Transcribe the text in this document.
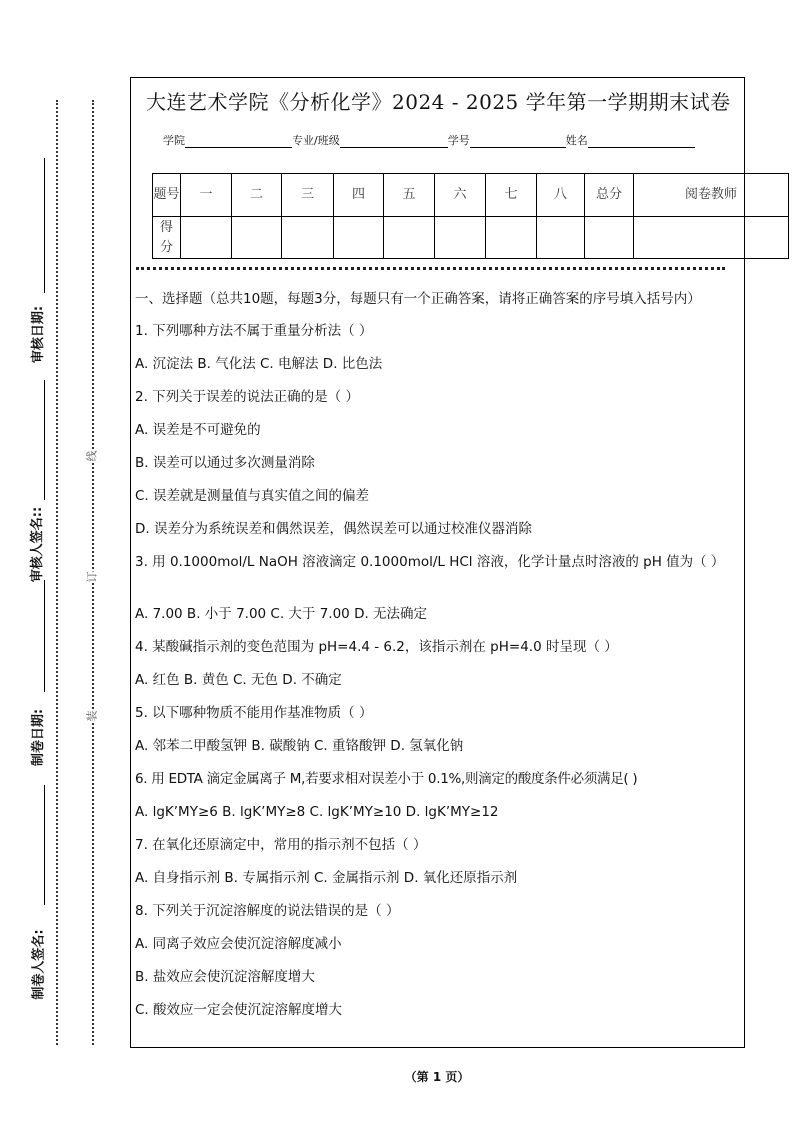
制卷人签名:
制卷日期:
审核人签名::
审核日期:
装
订
线
大连艺术学院《分析化学》2024 - 2025 学年第一学期期末试卷
学院	专业/班级	学号	姓名
题号	一	二	三	四	五	六	七	八	总分	阅卷教师
得分										
一、选择题（总共10题，每题3分，每题只有一个正确答案，请将正确答案的序号填入括号内）
1. 下列哪种方法不属于重量分析法（ ）
A. 沉淀法 B. 气化法 C. 电解法 D. 比色法
2. 下列关于误差的说法正确的是（ ）
A. 误差是不可避免的
B. 误差可以通过多次测量消除
C. 误差就是测量值与真实值之间的偏差
D. 误差分为系统误差和偶然误差，偶然误差可以通过校准仪器消除
3. 用 0.1000mol/L NaOH 溶液滴定 0.1000mol/L HCl 溶液，化学计量点时溶液的 pH 值为（ ）
A. 7.00 B. 小于 7.00 C. 大于 7.00 D. 无法确定
4. 某酸碱指示剂的变色范围为 pH=4.4 - 6.2，该指示剂在 pH=4.0 时呈现（ ）
A. 红色 B. 黄色 C. 无色 D. 不确定
5. 以下哪种物质不能用作基准物质（ ）
A. 邻苯二甲酸氢钾 B. 碳酸钠 C. 重铬酸钾 D. 氢氧化钠
6. 用 EDTA 滴定金属离子 M,若要求相对误差小于 0.1%,则滴定的酸度条件必须满足( )
A. lgK’MY≥6 B. lgK’MY≥8 C. lgK’MY≥10 D. lgK’MY≥12
7. 在氧化还原滴定中，常用的指示剂不包括（ ）
A. 自身指示剂 B. 专属指示剂 C. 金属指示剂 D. 氧化还原指示剂
8. 下列关于沉淀溶解度的说法错误的是（ ）
A. 同离子效应会使沉淀溶解度减小
B. 盐效应会使沉淀溶解度增大
C. 酸效应一定会使沉淀溶解度增大
（第 1 页）
